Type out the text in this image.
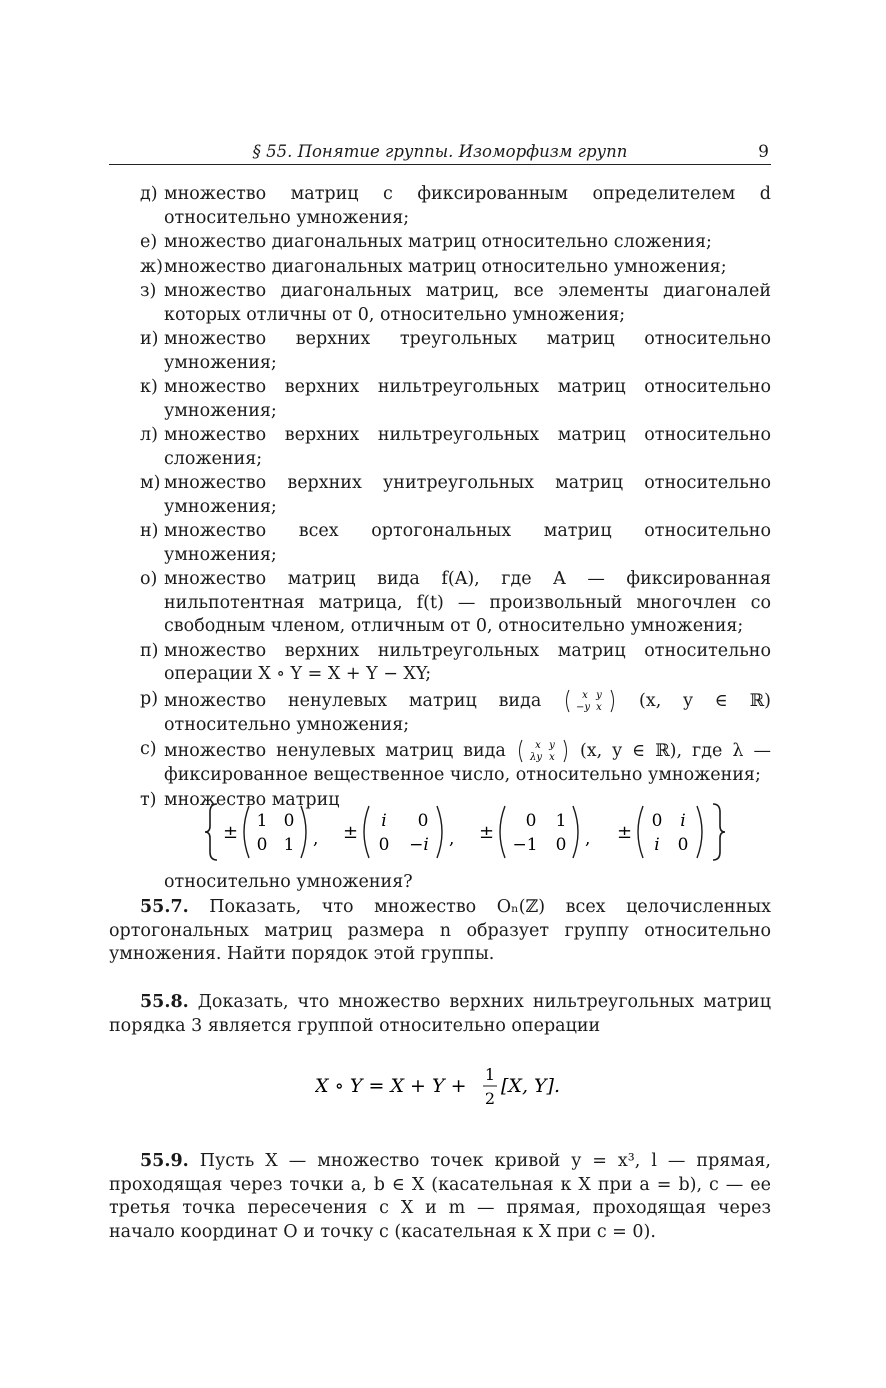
§ 55. Понятие группы. Изоморфизм групп	9
д) множество матриц с фиксированным определителем d относительно умножения;
е) множество диагональных матриц относительно сложения;
ж) множество диагональных матриц относительно умножения;
з) множество диагональных матриц, все элементы диагоналей которых отличны от 0, относительно умножения;
и) множество верхних треугольных матриц относительно умножения;
к) множество верхних нильтреугольных матриц относительно умножения;
л) множество верхних нильтреугольных матриц относительно сложения;
м) множество верхних унитреугольных матриц относительно умножения;
н) множество всех ортогональных матриц относительно умножения;
о) множество матриц вида f(A), где A — фиксированная нильпотентная матрица, f(t) — произвольный многочлен со свободным членом, отличным от 0, относительно умножения;
п) множество верхних нильтреугольных матриц относительно операции X ∘ Y = X + Y − XY;
р) множество ненулевых матриц вида	x y
−y x (x, y ∈ ℝ) относительно умножения;
с) множество ненулевых матриц вида	x y
λy x (x, y ∈ ℝ), где λ — фиксированное вещественное число, относительно умножения;
т) множество матриц
±
1 0
0 1 , ±
i 0
0 −i , ±
0 1
−1 0 , ±
0 i
i 0
относительно умножения?

55.7. Показать, что множество Oₙ(ℤ) всех целочисленных ортогональных матриц размера n образует группу относительно умножения. Найти порядок этой группы.

55.8. Доказать, что множество верхних нильтреугольных матриц порядка 3 является группой относительно операции

X ∘ Y = X + Y +
1
2
[X, Y].

55.9. Пусть X — множество точек кривой y = x³, l — прямая, проходящая через точки a, b ∈ X (касательная к X при a = b), c — ее третья точка пересечения с X и m — прямая, проходящая через начало координат O и точку c (касательная к X при c = 0).
